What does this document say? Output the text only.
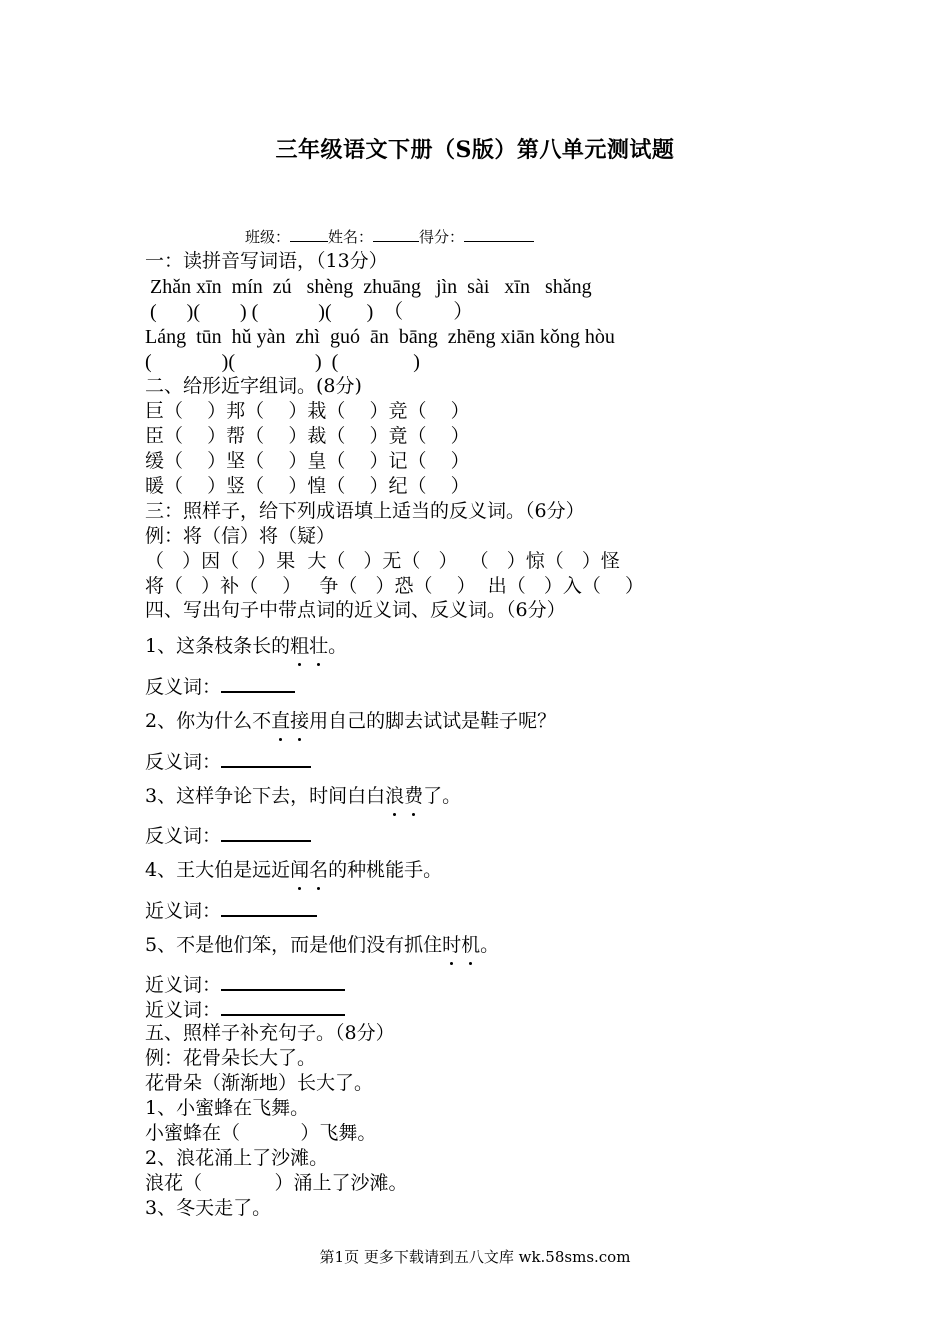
三年级语文下册（S版）第八单元测试题
班级：	姓名：	得分：
一：读拼音写词语，（13分）
Zhǎn xīn  mín  zú   shèng  zhuāng   jìn  sài   xīn   shǎng
(      )(        ) (            )(       )  （          ）
Láng  tūn  hǔ yàn  zhì  guó  ān  bāng  zhēng xiān kǒng hòu
(              )(                )  (               )
二、给形近字组词。(8分)
巨（    ）邦（    ）栽（    ）竞（    ）
臣（    ）帮（    ）裁（    ）竟（    ）
缓（    ）坚（    ）皇（    ）记（    ）
暖（    ）竖（    ）惶（    ）纪（    ）
三：照样子，给下列成语填上适当的反义词。（6分）
例：将（信）将（疑）
（   ）因（   ）果  大（   ）无（   ）  （   ）惊（   ）怪
将（   ）补（    ）   争（   ）恐（    ）  出（   ）入（    ）
四、写出句子中带点词的近义词、反义词。（6分）
1、这条枝条长的粗壮
。
反义词：
2、你为什么不直接
用自己的脚去试试是鞋子呢？
反义词：
3、这样争论下去，时间白白浪费
了。
反义词：
4、王大伯是远近闻名
的种桃能手。
近义词：
5、不是他们笨，而是他们没有抓住时机
。
近义词：
近义词：
五、照样子补充句子。（8分）
例：花骨朵长大了。
花骨朵（渐渐地）长大了。
1、小蜜蜂在飞舞。
小蜜蜂在（          ）飞舞。
2、浪花涌上了沙滩。
浪花（            ）涌上了沙滩。
3、冬天走了。
第1页 更多下载请到五八文库 wk.58sms.com
